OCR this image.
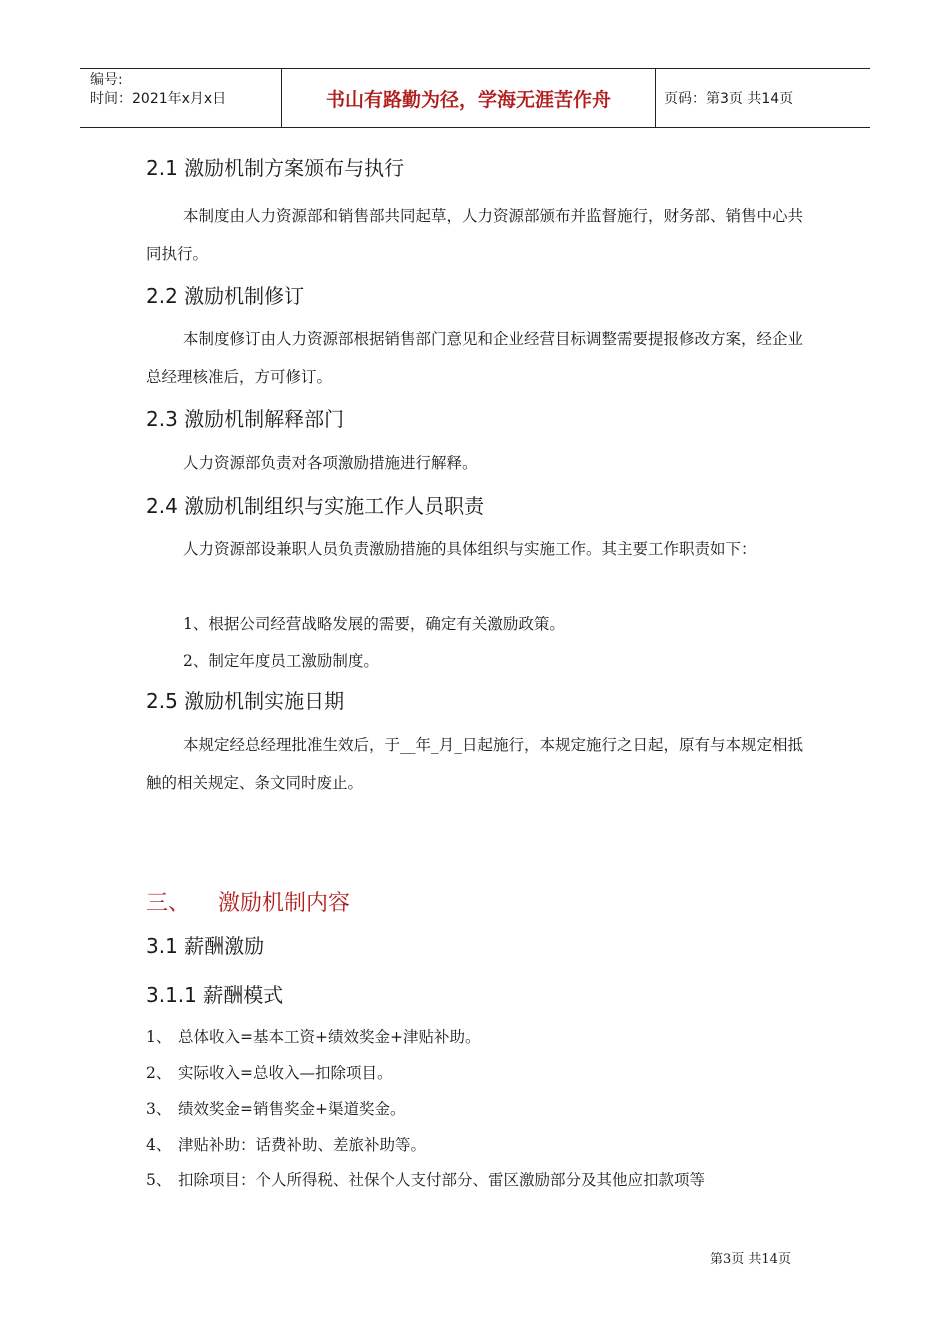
编号:
时间：2021年x月x日	书山有路勤为径，学海无涯苦作舟	页码：第3页 共14页
2.1 激励机制方案颁布与执行
本制度由人力资源部和销售部共同起草，人力资源部颁布并监督施行，财务部、销售中心共同执行。
2.2 激励机制修订
本制度修订由人力资源部根据销售部门意见和企业经营目标调整需要提报修改方案，经企业总经理核准后，方可修订。
2.3 激励机制解释部门
人力资源部负责对各项激励措施进行解释。
2.4 激励机制组织与实施工作人员职责
人力资源部设兼职人员负责激励措施的具体组织与实施工作。其主要工作职责如下：
1、根据公司经营战略发展的需要，确定有关激励政策。
2、制定年度员工激励制度。
2.5 激励机制实施日期
本规定经总经理批准生效后，于__年_月_日起施行，本规定施行之日起，原有与本规定相抵触的相关规定、条文同时废止。
三、 激励机制内容
3.1 薪酬激励
3.1.1 薪酬模式
1、 总体收入=基本工资+绩效奖金+津贴补助。
2、 实际收入=总收入—扣除项目。
3、 绩效奖金=销售奖金+渠道奖金。
4、 津贴补助：话费补助、差旅补助等。
5、 扣除项目：个人所得税、社保个人支付部分、雷区激励部分及其他应扣款项等
第3页 共14页
